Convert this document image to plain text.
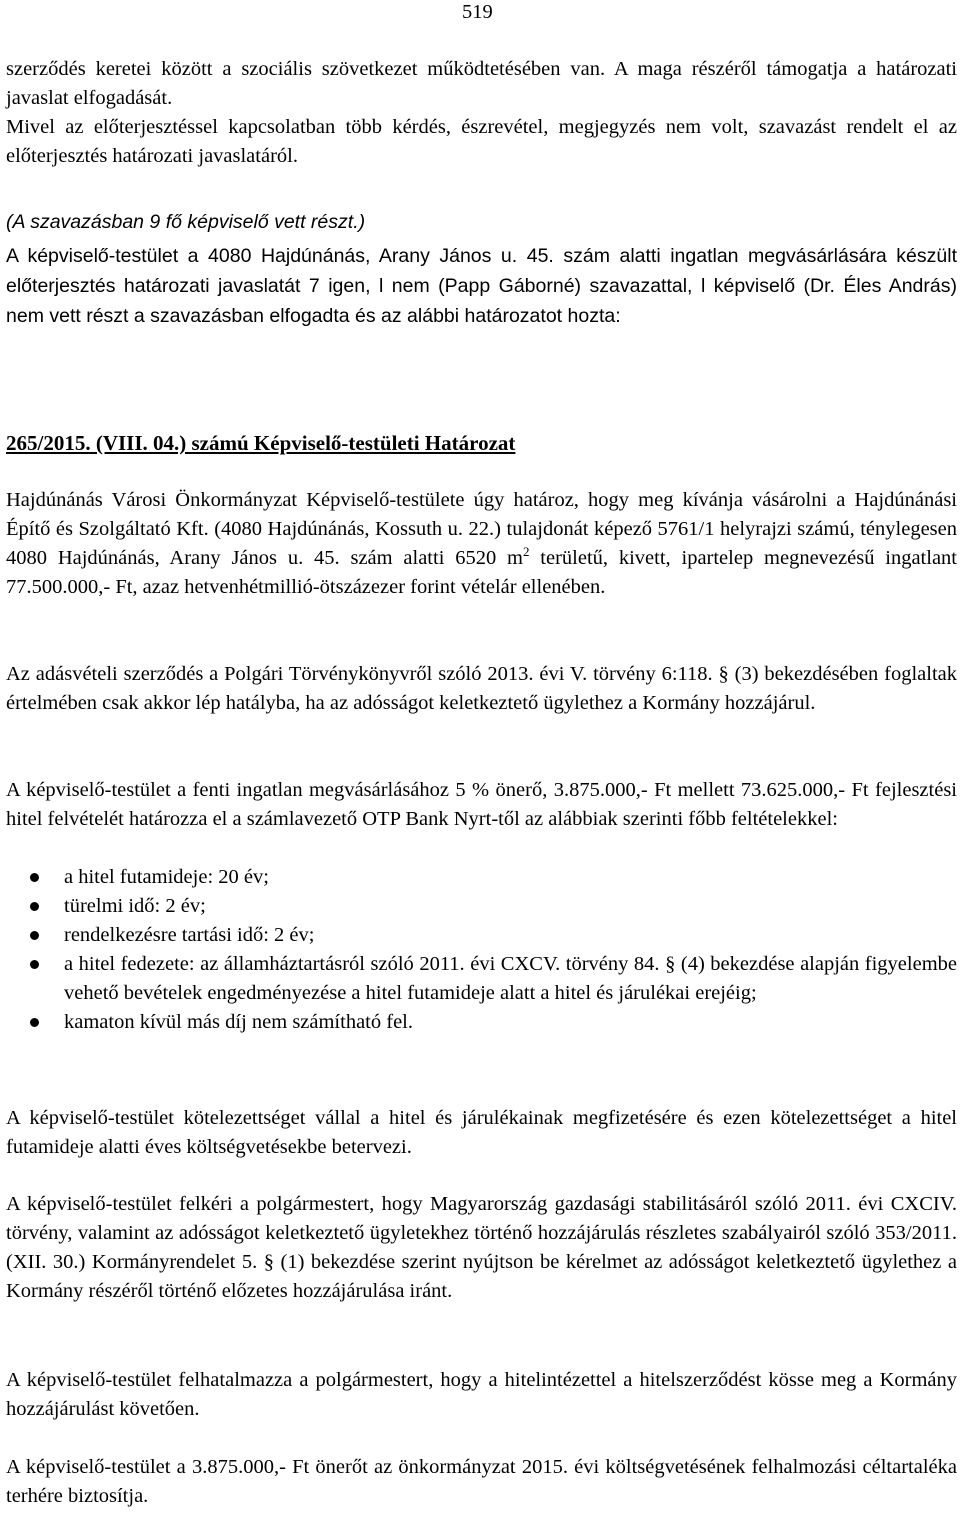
519

szerződés keretei között a szociális szövetkezet működtetésében van. A maga részéről támogatja a határozati javaslat elfogadását.

Mivel az előterjesztéssel kapcsolatban több kérdés, észrevétel, megjegyzés nem volt, szavazást rendelt el az előterjesztés határozati javaslatáról.

(A szavazásban 9 fő képviselő vett részt.)

A képviselő-testület a 4080 Hajdúnánás, Arany János u. 45. szám alatti ingatlan megvásárlására készült előterjesztés határozati javaslatát 7 igen, l nem (Papp Gáborné) szavazattal, l képviselő (Dr. Éles András) nem vett részt a szavazásban elfogadta és az alábbi határozatot hozta:

265/2015. (VIII. 04.) számú Képviselő-testületi Határozat

Hajdúnánás Városi Önkormányzat Képviselő-testülete úgy határoz, hogy meg kívánja vásárolni a Hajdúnánási Építő és Szolgáltató Kft. (4080 Hajdúnánás, Kossuth u. 22.) tulajdonát képező 5761/1 helyrajzi számú, ténylegesen 4080 Hajdúnánás, Arany János u. 45. szám alatti 6520 $m^2$ területű, kivett, ipartelep megnevezésű ingatlant 77.500.000,- Ft, azaz hetvenhétmillió-ötszázezer forint vételár ellenében.

Az adásvételi szerződés a Polgári Törvénykönyvről szóló 2013. évi V. törvény 6:118. § (3) bekezdésében foglaltak értelmében csak akkor lép hatályba, ha az adósságot keletkeztető ügylethez a Kormány hozzájárul.

A képviselő-testület a fenti ingatlan megvásárlásához 5 % önerő, 3.875.000,- Ft mellett 73.625.000,- Ft fejlesztési hitel felvételét határozza el a számlavezető OTP Bank Nyrt-től az alábbiak szerinti főbb feltételekkel:

a hitel futamideje: 20 év;
türelmi idő: 2 év;
rendelkezésre tartási idő: 2 év;
a hitel fedezete: az államháztartásról szóló 2011. évi CXCV. törvény 84. § (4) bekezdése alapján figyelembe vehető bevételek engedményezése a hitel futamideje alatt a hitel és járulékai erejéig;
kamaton kívül más díj nem számítható fel.

A képviselő-testület kötelezettséget vállal a hitel és járulékainak megfizetésére és ezen kötelezettséget a hitel futamideje alatti éves költségvetésekbe betervezi.

A képviselő-testület felkéri a polgármestert, hogy Magyarország gazdasági stabilitásáról szóló 2011. évi CXCIV. törvény, valamint az adósságot keletkeztető ügyletekhez történő hozzájárulás részletes szabályairól szóló 353/2011. (XII. 30.) Kormányrendelet 5. § (1) bekezdése szerint nyújtson be kérelmet az adósságot keletkeztető ügylethez a Kormány részéről történő előzetes hozzájárulása iránt.

A képviselő-testület felhatalmazza a polgármestert, hogy a hitelintézettel a hitelszerződést kösse meg a Kormány hozzájárulást követően.

A képviselő-testület a 3.875.000,- Ft önerőt az önkormányzat 2015. évi költségvetésének felhalmozási céltartaléka terhére biztosítja.
